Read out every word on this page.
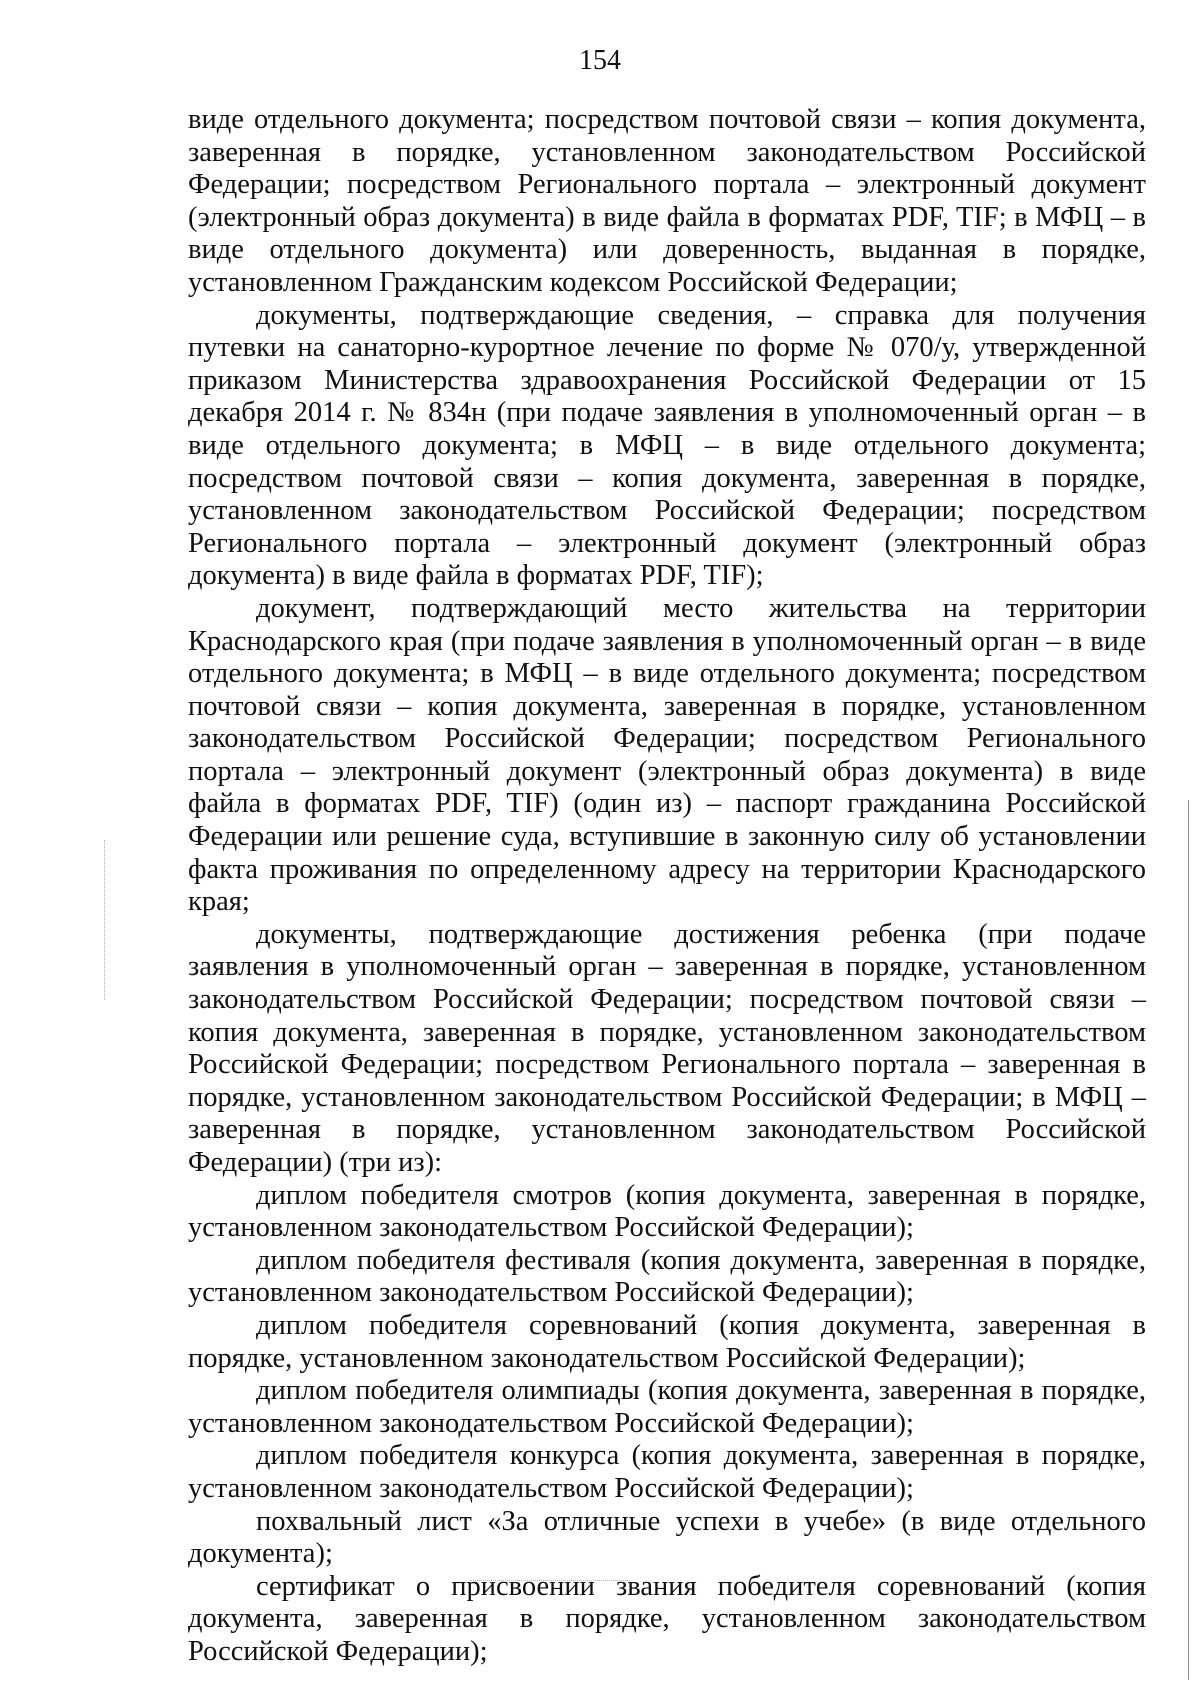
154

виде отдельного документа; посредством почтовой связи – копия документа, заверенная в порядке, установленном законодательством Российской Федерации; посредством Регионального портала – электронный документ (электронный образ документа) в виде файла в форматах PDF, TIF; в МФЦ – в виде отдельного документа) или доверенность, выданная в порядке, установленном Гражданским кодексом Российской Федерации;

документы, подтверждающие сведения, – справка для получения путевки на санаторно-курортное лечение по форме № 070/у, утвержденной приказом Министерства здравоохранения Российской Федерации от 15 декабря 2014 г. № 834н (при подаче заявления в уполномоченный орган – в виде отдельного документа; в МФЦ – в виде отдельного документа; посредством почтовой связи – копия документа, заверенная в порядке, установленном законодательством Российской Федерации; посредством Регионального портала – электронный документ (электронный образ документа) в виде файла в форматах PDF, TIF);

документ, подтверждающий место жительства на территории Краснодарского края (при подаче заявления в уполномоченный орган – в виде отдельного документа; в МФЦ – в виде отдельного документа; посредством почтовой связи – копия документа, заверенная в порядке, установленном законодательством Российской Федерации; посредством Регионального портала – электронный документ (электронный образ документа) в виде файла в форматах PDF, TIF) (один из) – паспорт гражданина Российской Федерации или решение суда, вступившие в законную силу об установлении факта проживания по определенному адресу на территории Краснодарского края;

документы, подтверждающие достижения ребенка (при подаче заявления в уполномоченный орган – заверенная в порядке, установленном законодательством Российской Федерации; посредством почтовой связи – копия документа, заверенная в порядке, установленном законодательством Российской Федерации; посредством Регионального портала – заверенная в порядке, установленном законодательством Российской Федерации; в МФЦ – заверенная в порядке, установленном законодательством Российской Федерации) (три из):

диплом победителя смотров (копия документа, заверенная в порядке, установленном законодательством Российской Федерации);

диплом победителя фестиваля (копия документа, заверенная в порядке, установленном законодательством Российской Федерации);

диплом победителя соревнований (копия документа, заверенная в порядке, установленном законодательством Российской Федерации);

диплом победителя олимпиады (копия документа, заверенная в порядке, установленном законодательством Российской Федерации);

диплом победителя конкурса (копия документа, заверенная в порядке, установленном законодательством Российской Федерации);

похвальный лист «За отличные успехи в учебе» (в виде отдельного документа);

сертификат о присвоении звания победителя соревнований (копия документа, заверенная в порядке, установленном законодательством Российской Федерации);
